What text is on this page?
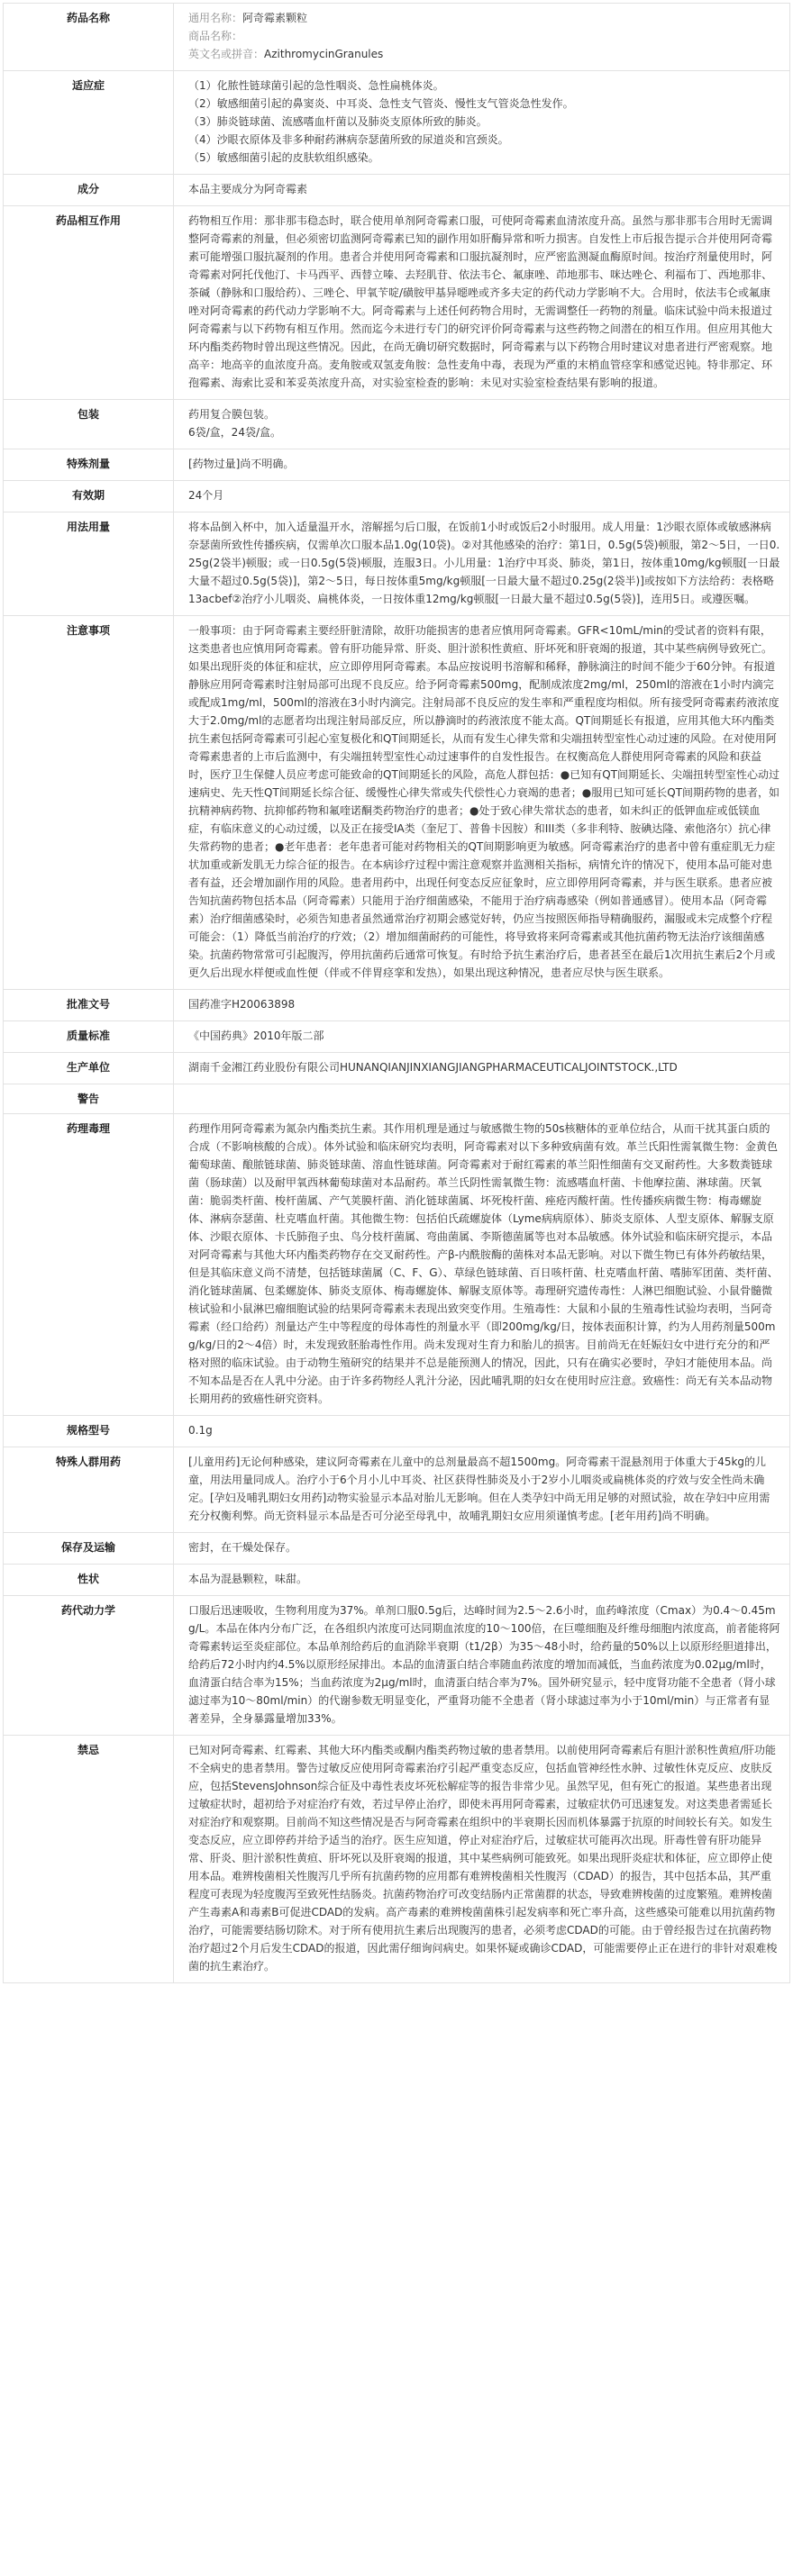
药品名称	通用名称：阿奇霉素颗粒
商品名称：
英文名或拼音：AzithromycinGranules

适应症	（1）化脓性链球菌引起的急性咽炎、急性扁桃体炎。
（2）敏感细菌引起的鼻窦炎、中耳炎、急性支气管炎、慢性支气管炎急性发作。
（3）肺炎链球菌、流感嗜血杆菌以及肺炎支原体所致的肺炎。
（4）沙眼衣原体及非多种耐药淋病奈瑟菌所致的尿道炎和宫颈炎。
（5）敏感细菌引起的皮肤软组织感染。

成分	本品主要成分为阿奇霉素
药品相互作用	药物相互作用：那非那韦稳态时，联合使用单剂阿奇霉素口服，可使阿奇霉素血清浓度升高。虽然与那非那韦合用时无需调整阿奇霉素的剂量，但必须密切监测阿奇霉素已知的副作用如肝酶异常和听力损害。自发性上市后报告提示合并使用阿奇霉素可能增强口服抗凝剂的作用。患者合并使用阿奇霉素和口服抗凝剂时，应严密监测凝血酶原时间。按治疗剂量使用时，阿奇霉素对阿托伐他汀、卡马西平、西替立嗪、去羟肌苷、依法韦仑、氟康唑、茚地那韦、咪达唑仑、利福布丁、西地那非、茶碱（静脉和口服给药）、三唑仑、甲氧苄啶/磺胺甲基异噁唑或齐多夫定的药代动力学影响不大。合用时，依法韦仑或氟康唑对阿奇霉素的药代动力学影响不大。阿奇霉素与上述任何药物合用时，无需调整任一药物的剂量。临床试验中尚未报道过阿奇霉素与以下药物有相互作用。然而迄今未进行专门的研究评价阿奇霉素与这些药物之间潜在的相互作用。但应用其他大环内酯类药物时曾出现这些情况。因此，在尚无确切研究数据时，阿奇霉素与以下药物合用时建议对患者进行严密观察。地高辛：地高辛的血浓度升高。麦角胺或双氢麦角胺：急性麦角中毒，表现为严重的末梢血管痉挛和感觉迟钝。特非那定、环孢霉素、海索比妥和苯妥英浓度升高，对实验室检查的影响：未见对实验室检查结果有影响的报道。
包装	药用复合膜包装。
6袋/盒，24袋/盒。

特殊剂量	[药物过量]尚不明确。
有效期	24个月
用法用量	将本品倒入杯中，加入适量温开水，溶解摇匀后口服，在饭前1小时或饭后2小时服用。成人用量：1沙眼衣原体或敏感淋病奈瑟菌所致性传播疾病，仅需单次口服本品1.0g(10袋)。②对其他感染的治疗：第1日，0.5g(5袋)顿服，第2～5日，一日0.25g(2袋半)顿服；或一日0.5g(5袋)顿服，连服3日。小儿用量：1治疗中耳炎、肺炎，第1日，按体重10mg/kg顿服[一日最大量不超过0.5g(5袋)]，第2～5日，每日按体重5mg/kg顿服[一日最大量不超过0.25g(2袋半)]或按如下方法给药：表格略13acbef②治疗小儿咽炎、扁桃体炎，一日按体重12mg/kg顿服[一日最大量不超过0.5g(5袋)]，连用5日。或遵医嘱。
注意事项	一般事项：由于阿奇霉素主要经肝脏清除，故肝功能损害的患者应慎用阿奇霉素。GFR<10mL/min的受试者的资料有限，这类患者也应慎用阿奇霉素。曾有肝功能异常、肝炎、胆汁淤积性黄疸、肝坏死和肝衰竭的报道，其中某些病例导致死亡。如果出现肝炎的体征和症状，应立即停用阿奇霉素。本品应按说明书溶解和稀释，静脉滴注的时间不能少于60分钟。有报道静脉应用阿奇霉素时注射局部可出现不良反应。给予阿奇霉素500mg，配制成浓度2mg/ml，250ml的溶液在1小时内滴完或配成1mg/ml，500ml的溶液在3小时内滴完。注射局部不良反应的发生率和严重程度均相似。所有接受阿奇霉素药液浓度大于2.0mg/ml的志愿者均出现注射局部反应，所以静滴时的药液浓度不能太高。QT间期延长有报道，应用其他大环内酯类抗生素包括阿奇霉素可引起心室复极化和QT间期延长，从而有发生心律失常和尖端扭转型室性心动过速的风险。在对使用阿奇霉素患者的上市后监测中，有尖端扭转型室性心动过速事件的自发性报告。在权衡高危人群使用阿奇霉素的风险和获益时，医疗卫生保健人员应考虑可能致命的QT间期延长的风险，高危人群包括：●已知有QT间期延长、尖端扭转型室性心动过速病史、先天性QT间期延长综合征、缓慢性心律失常或失代偿性心力衰竭的患者；●服用已知可延长QT间期药物的患者，如抗精神病药物、抗抑郁药物和氟喹诺酮类药物治疗的患者；●处于致心律失常状态的患者，如未纠正的低钾血症或低镁血症，有临床意义的心动过缓，以及正在接受IA类（奎尼丁、普鲁卡因胺）和III类（多非利特、胺碘达隆、索他洛尔）抗心律失常药物的患者；●老年患者：老年患者可能对药物相关的QT间期影响更为敏感。阿奇霉素治疗的患者中曾有重症肌无力症状加重或新发肌无力综合征的报告。在本病诊疗过程中需注意观察并监测相关指标，病情允许的情况下，使用本品可能对患者有益，还会增加副作用的风险。患者用药中，出现任何变态反应征象时，应立即停用阿奇霉素，并与医生联系。患者应被告知抗菌药物包括本品（阿奇霉素）只能用于治疗细菌感染，不能用于治疗病毒感染（例如普通感冒）。使用本品（阿奇霉素）治疗细菌感染时，必须告知患者虽然通常治疗初期会感觉好转，仍应当按照医师指导精确服药，漏服或未完成整个疗程可能会：（1）降低当前治疗的疗效；（2）增加细菌耐药的可能性，将导致将来阿奇霉素或其他抗菌药物无法治疗该细菌感染。抗菌药物常常可引起腹泻，停用抗菌药后通常可恢复。有时给予抗生素治疗后，患者甚至在最后1次用抗生素后2个月或更久后出现水样便或血性便（伴或不伴胃痉挛和发热），如果出现这种情况，患者应尽快与医生联系。
批准文号	国药准字H20063898
质量标准	《中国药典》2010年版二部
生产单位	湖南千金湘江药业股份有限公司HUNANQIANJINXIANGJIANGPHARMACEUTICALJOINTSTOCK.,LTD
警告	
药理毒理	药理作用阿奇霉素为氮杂内酯类抗生素。其作用机理是通过与敏感微生物的50s核糖体的亚单位结合，从而干扰其蛋白质的合成（不影响核酸的合成）。体外试验和临床研究均表明，阿奇霉素对以下多种致病菌有效。革兰氏阳性需氧微生物：金黄色葡萄球菌、酿脓链球菌、肺炎链球菌、溶血性链球菌。阿奇霉素对于耐红霉素的革兰阳性细菌有交叉耐药性。大多数粪链球菌（肠球菌）以及耐甲氧西林葡萄球菌对本品耐药。革兰氏阴性需氧微生物：流感嗜血杆菌、卡他摩拉菌、淋球菌。厌氧菌：脆弱类杆菌、梭杆菌属、产气荚膜杆菌、消化链球菌属、坏死梭杆菌、痤疮丙酸杆菌。性传播疾病微生物：梅毒螺旋体、淋病奈瑟菌、杜克嗜血杆菌。其他微生物：包括伯氏疏螺旋体（Lyme病病原体）、肺炎支原体、人型支原体、解脲支原体、沙眼衣原体、卡氏肺孢子虫、鸟分枝杆菌属、弯曲菌属、李斯德菌属等也对本品敏感。体外试验和临床研究提示，本品对阿奇霉素与其他大环内酯类药物存在交叉耐药性。产β-内酰胺酶的菌株对本品无影响。对以下微生物已有体外药敏结果，但是其临床意义尚不清楚，包括链球菌属（C、F、G）、草绿色链球菌、百日咳杆菌、杜克嗜血杆菌、嗜肺军团菌、类杆菌、消化链球菌属、包柔螺旋体、肺炎支原体、梅毒螺旋体、解脲支原体等。毒理研究遗传毒性：人淋巴细胞试验、小鼠骨髓微核试验和小鼠淋巴瘤细胞试验的结果阿奇霉素未表现出致突变作用。生殖毒性：大鼠和小鼠的生殖毒性试验均表明，当阿奇霉素（经口给药）剂量达产生中等程度的母体毒性的剂量水平（即200mg/kg/日，按体表面积计算，约为人用药剂量500mg/kg/日的2～4倍）时，未发现致胚胎毒性作用。尚未发现对生育力和胎儿的损害。目前尚无在妊娠妇女中进行充分的和严格对照的临床试验。由于动物生殖研究的结果并不总是能预测人的情况，因此，只有在确实必要时，孕妇才能使用本品。尚不知本品是否在人乳中分泌。由于许多药物经人乳汁分泌，因此哺乳期的妇女在使用时应注意。致癌性：尚无有关本品动物长期用药的致癌性研究资料。
规格型号	0.1g
特殊人群用药	[儿童用药]无论何种感染，建议阿奇霉素在儿童中的总剂量最高不超1500mg。阿奇霉素干混悬剂用于体重大于45kg的儿童，用法用量同成人。治疗小于6个月小儿中耳炎、社区获得性肺炎及小于2岁小儿咽炎或扁桃体炎的疗效与安全性尚未确定。[孕妇及哺乳期妇女用药]动物实验显示本品对胎儿无影响。但在人类孕妇中尚无用足够的对照试验，故在孕妇中应用需充分权衡利弊。尚无资料显示本品是否可分泌至母乳中，故哺乳期妇女应用须谨慎考虑。[老年用药]尚不明确。
保存及运输	密封，在干燥处保存。
性状	本品为混悬颗粒，味甜。
药代动力学	口服后迅速吸收，生物利用度为37%。单剂口服0.5g后，达峰时间为2.5～2.6小时，血药峰浓度（Cmax）为0.4～0.45mg/L。本品在体内分布广泛，在各组织内浓度可达同期血浓度的10～100倍，在巨噬细胞及纤维母细胞内浓度高，前者能将阿奇霉素转运至炎症部位。本品单剂给药后的血消除半衰期（t1/2β）为35～48小时，给药量的50%以上以原形经胆道排出，给药后72小时内约4.5%以原形经尿排出。本品的血清蛋白结合率随血药浓度的增加而减低，当血药浓度为0.02μg/ml时，血清蛋白结合率为15%；当血药浓度为2μg/ml时，血清蛋白结合率为7%。国外研究显示，轻中度肾功能不全患者（肾小球滤过率为10～80ml/min）的代谢参数无明显变化，严重肾功能不全患者（肾小球滤过率为小于10ml/min）与正常者有显著差异，全身暴露量增加33%。
禁忌	已知对阿奇霉素、红霉素、其他大环内酯类或酮内酯类药物过敏的患者禁用。以前使用阿奇霉素后有胆汁淤积性黄疸/肝功能不全病史的患者禁用。警告过敏反应使用阿奇霉素治疗引起严重变态反应，包括血管神经性水肿、过敏性休克反应、皮肤反应，包括StevensJohnson综合征及中毒性表皮坏死松解症等的报告非常少见。虽然罕见，但有死亡的报道。某些患者出现过敏症状时，超初给予对症治疗有效，若过早停止治疗，即使未再用阿奇霉素，过敏症状仍可迅速复发。对这类患者需延长对症治疗和观察期。目前尚不知这些情况是否与阿奇霉素在组织中的半衰期长因而机体暴露于抗原的时间较长有关。如发生变态反应，应立即停药并给予适当的治疗。医生应知道，停止对症治疗后，过敏症状可能再次出现。肝毒性曾有肝功能异常、肝炎、胆汁淤积性黄疸、肝坏死以及肝衰竭的报道，其中某些病例可能致死。如果出现肝炎症状和体征，应立即停止使用本品。难辨梭菌相关性腹泻几乎所有抗菌药物的应用都有难辨梭菌相关性腹泻（CDAD）的报告，其中包括本品，其严重程度可表现为轻度腹泻至致死性结肠炎。抗菌药物治疗可改变结肠内正常菌群的状态，导致难辨梭菌的过度繁殖。难辨梭菌产生毒素A和毒素B可促进CDAD的发病。高产毒素的难辨梭菌菌株引起发病率和死亡率升高，这些感染可能难以用抗菌药物治疗，可能需要结肠切除术。对于所有使用抗生素后出现腹泻的患者，必须考虑CDAD的可能。由于曾经报告过在抗菌药物治疗超过2个月后发生CDAD的报道，因此需仔细询问病史。如果怀疑或确诊CDAD，可能需要停止正在进行的非针对艰难梭菌的抗生素治疗。
